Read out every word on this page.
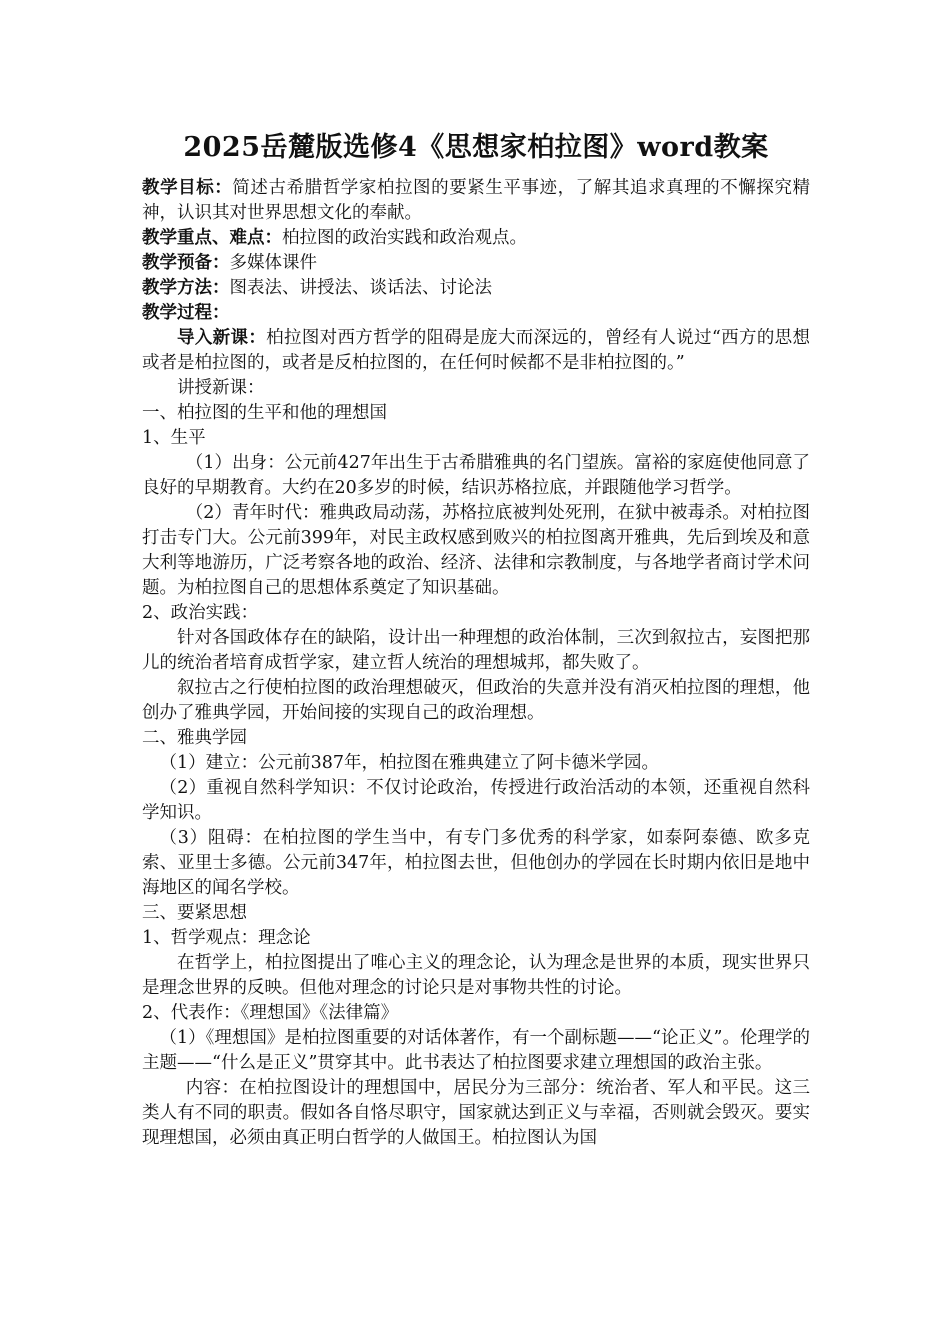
2025岳麓版选修4《思想家柏拉图》word教案

教学目标：简述古希腊哲学家柏拉图的要紧生平事迹，了解其追求真理的不懈探究精神，认识其对世界思想文化的奉献。

教学重点、难点：柏拉图的政治实践和政治观点。

教学预备：多媒体课件

教学方法：图表法、讲授法、谈话法、讨论法

教学过程：

导入新课：柏拉图对西方哲学的阻碍是庞大而深远的，曾经有人说过“西方的思想或者是柏拉图的，或者是反柏拉图的，在任何时候都不是非柏拉图的。”

讲授新课：

一、柏拉图的生平和他的理想国

1、生平

（1）出身：公元前427年出生于古希腊雅典的名门望族。富裕的家庭使他同意了良好的早期教育。大约在20多岁的时候，结识苏格拉底，并跟随他学习哲学。

（2）青年时代：雅典政局动荡，苏格拉底被判处死刑，在狱中被毒杀。对柏拉图打击专门大。公元前399年，对民主政权感到败兴的柏拉图离开雅典，先后到埃及和意大利等地游历，广泛考察各地的政治、经济、法律和宗教制度，与各地学者商讨学术问题。为柏拉图自己的思想体系奠定了知识基础。

2、政治实践：

针对各国政体存在的缺陷，设计出一种理想的政治体制，三次到叙拉古，妄图把那儿的统治者培育成哲学家，建立哲人统治的理想城邦，都失败了。

叙拉古之行使柏拉图的政治理想破灭，但政治的失意并没有消灭柏拉图的理想，他创办了雅典学园，开始间接的实现自己的政治理想。

二、雅典学园

（1）建立：公元前387年，柏拉图在雅典建立了阿卡德米学园。

（2）重视自然科学知识：不仅讨论政治，传授进行政治活动的本领，还重视自然科学知识。

（3）阻碍：在柏拉图的学生当中，有专门多优秀的科学家，如泰阿泰德、欧多克索、亚里士多德。公元前347年，柏拉图去世，但他创办的学园在长时期内依旧是地中海地区的闻名学校。

三、要紧思想

1、哲学观点：理念论

在哲学上，柏拉图提出了唯心主义的理念论，认为理念是世界的本质，现实世界只是理念世界的反映。但他对理念的讨论只是对事物共性的讨论。

2、代表作：《理想国》《法律篇》

（1）《理想国》是柏拉图重要的对话体著作，有一个副标题——“论正义”。伦理学的主题——“什么是正义”贯穿其中。此书表达了柏拉图要求建立理想国的政治主张。

内容：在柏拉图设计的理想国中，居民分为三部分：统治者、军人和平民。这三类人有不同的职责。假如各自恪尽职守，国家就达到正义与幸福，否则就会毁灭。要实现理想国，必须由真正明白哲学的人做国王。柏拉图认为国
